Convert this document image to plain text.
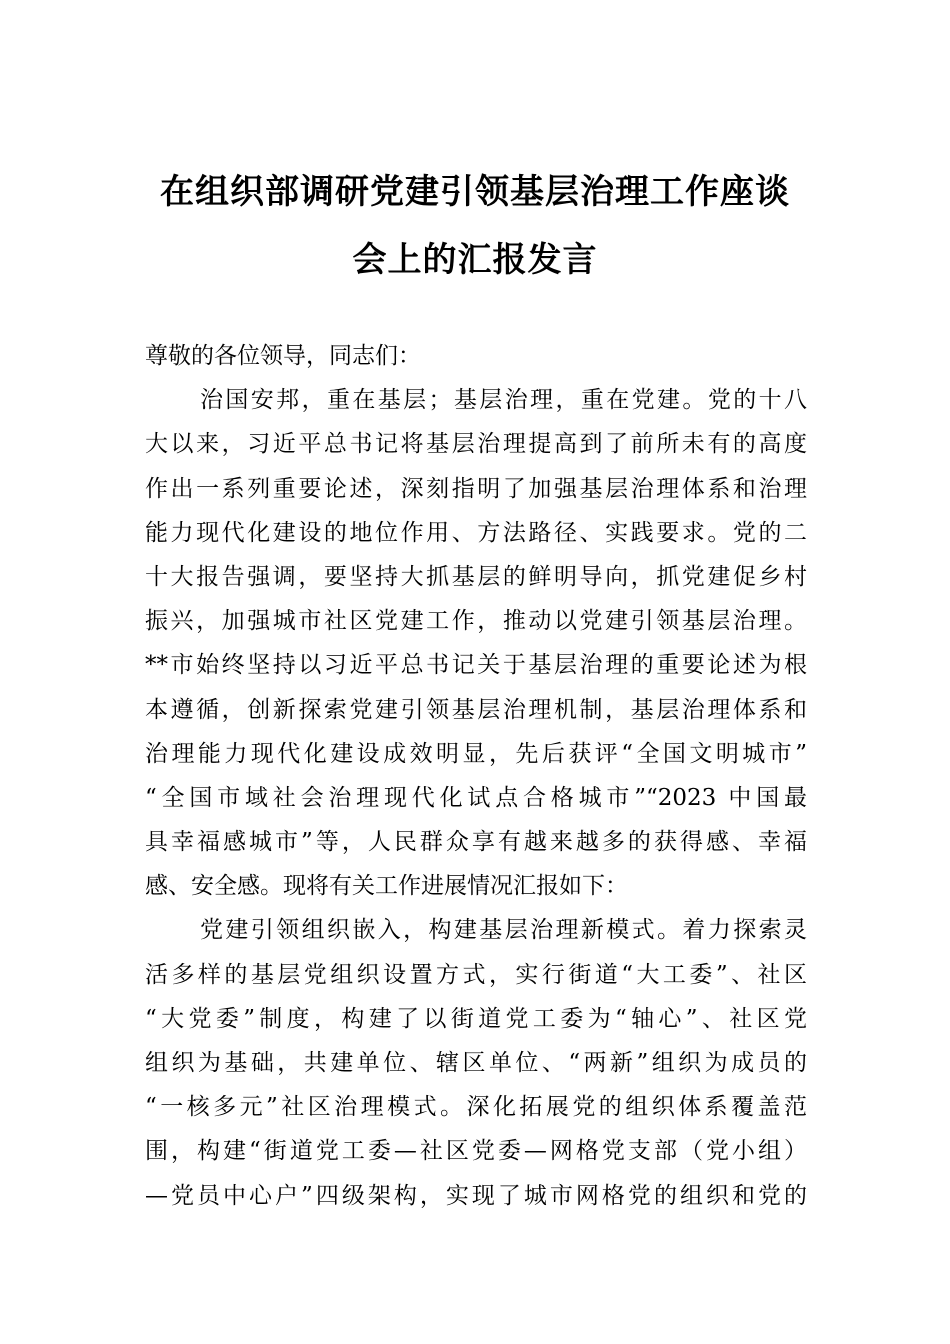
在组织部调研党建引领基层治理工作座谈
会上的汇报发言
尊敬的各位领导，同志们：
治国安邦，重在基层；基层治理，重在党建。党的十八
大以来，习近平总书记将基层治理提高到了前所未有的高度
作出一系列重要论述，深刻指明了加强基层治理体系和治理
能力现代化建设的地位作用、方法路径、实践要求。党的二
十大报告强调，要坚持大抓基层的鲜明导向，抓党建促乡村
振兴，加强城市社区党建工作，推动以党建引领基层治理。
**市始终坚持以习近平总书记关于基层治理的重要论述为根
本遵循，创新探索党建引领基层治理机制，基层治理体系和
治理能力现代化建设成效明显，先后获评“全国文明城市”
“全国市域社会治理现代化试点合格城市”“2023 中国最
具幸福感城市”等，人民群众享有越来越多的获得感、幸福
感、安全感。现将有关工作进展情况汇报如下：
党建引领组织嵌入，构建基层治理新模式。着力探索灵
活多样的基层党组织设置方式，实行街道“大工委”、社区
“大党委”制度，构建了以街道党工委为“轴心”、社区党
组织为基础，共建单位、辖区单位、“两新”组织为成员的
“一核多元”社区治理模式。深化拓展党的组织体系覆盖范
围，构建“街道党工委—社区党委—网格党支部（党小组）
—党员中心户”四级架构，实现了城市网格党的组织和党的
